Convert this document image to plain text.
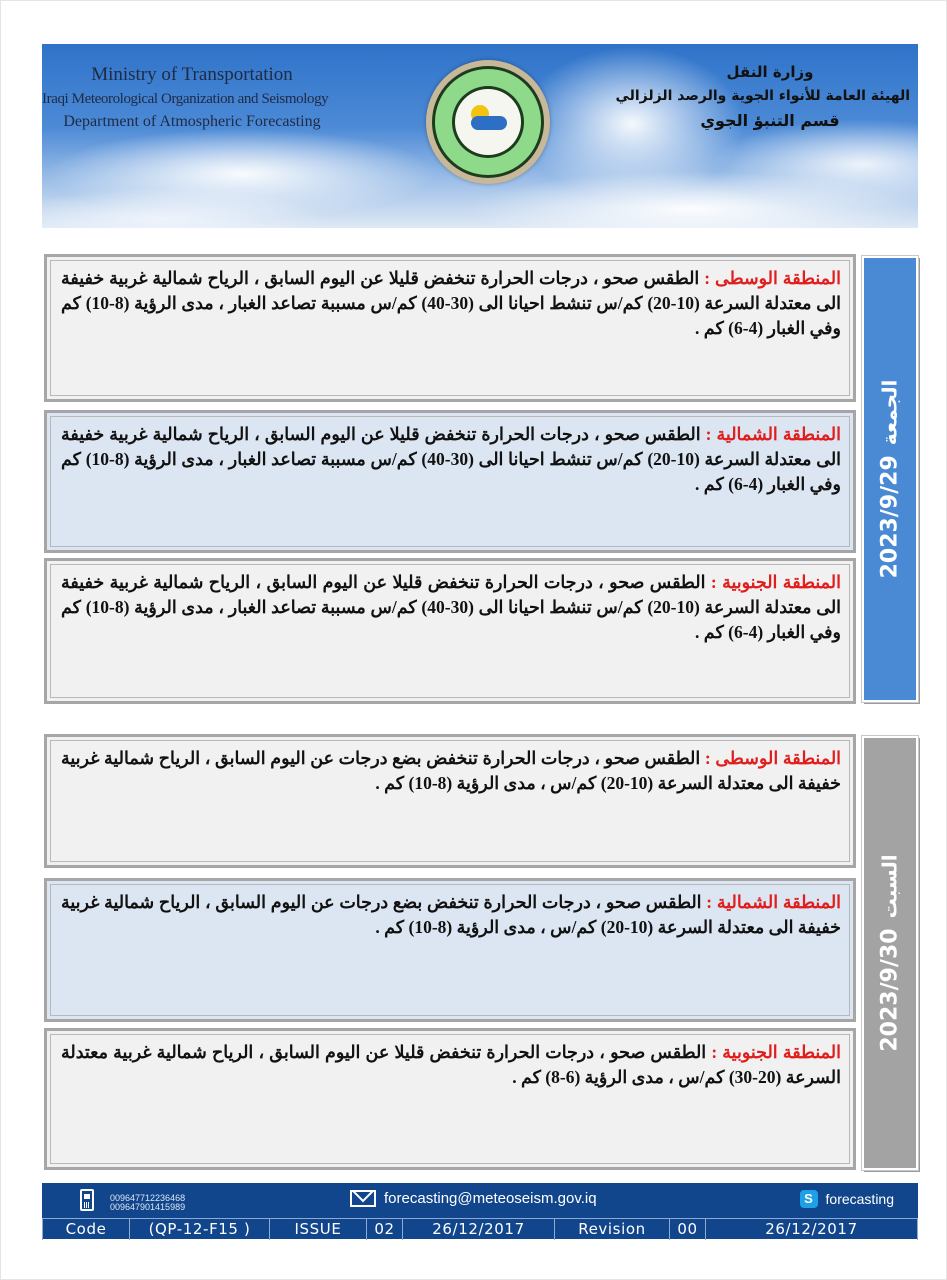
Ministry of Transportation
Iraqi Meteorological Organization and Seismology
Department of Atmospheric Forecasting
وزارة النقل
الهيئة العامة للأنواء الجوية والرصد الزلزالي
قسم التنبؤ الجوي
المنطقة الوسطى : الطقس صحو ، درجات الحرارة تنخفض قليلا عن اليوم السابق ، الرياح شمالية غربية خفيفة الى معتدلة السرعة (10-20) كم/س تنشط احيانا الى (30-40) كم/س مسببة تصاعد الغبار ، مدى الرؤية (8-10) كم وفي الغبار (4-6) كم .
المنطقة الشمالية : الطقس صحو ، درجات الحرارة تنخفض قليلا عن اليوم السابق ، الرياح شمالية غربية خفيفة الى معتدلة السرعة (10-20) كم/س تنشط احيانا الى (30-40) كم/س مسببة تصاعد الغبار ، مدى الرؤية (8-10) كم وفي الغبار (4-6) كم .
المنطقة الجنوبية : الطقس صحو ، درجات الحرارة تنخفض قليلا عن اليوم السابق ، الرياح شمالية غربية خفيفة الى معتدلة السرعة (10-20) كم/س تنشط احيانا الى (30-40) كم/س مسببة تصاعد الغبار ، مدى الرؤية (8-10) كم وفي الغبار (4-6) كم .
2023/9/29الجمعة
المنطقة الوسطى : الطقس صحو ، درجات الحرارة تنخفض بضع درجات عن اليوم السابق ، الرياح شمالية غربية خفيفة الى معتدلة السرعة (10-20) كم/س ، مدى الرؤية (8-10) كم .
المنطقة الشمالية : الطقس صحو ، درجات الحرارة تنخفض بضع درجات عن اليوم السابق ، الرياح شمالية غربية خفيفة الى معتدلة السرعة (10-20) كم/س ، مدى الرؤية (8-10) كم .
المنطقة الجنوبية : الطقس صحو ، درجات الحرارة تنخفض قليلا عن اليوم السابق ، الرياح شمالية غربية معتدلة السرعة (20-30) كم/س ، مدى الرؤية (6-8) كم .
2023/9/30السبت
009647712236468
009647901415989	forecasting@meteoseism.gov.iq	S forecasting
Code	(QP-12-F15 )	ISSUE	02	26/12/2017	Revision	00	26/12/2017
